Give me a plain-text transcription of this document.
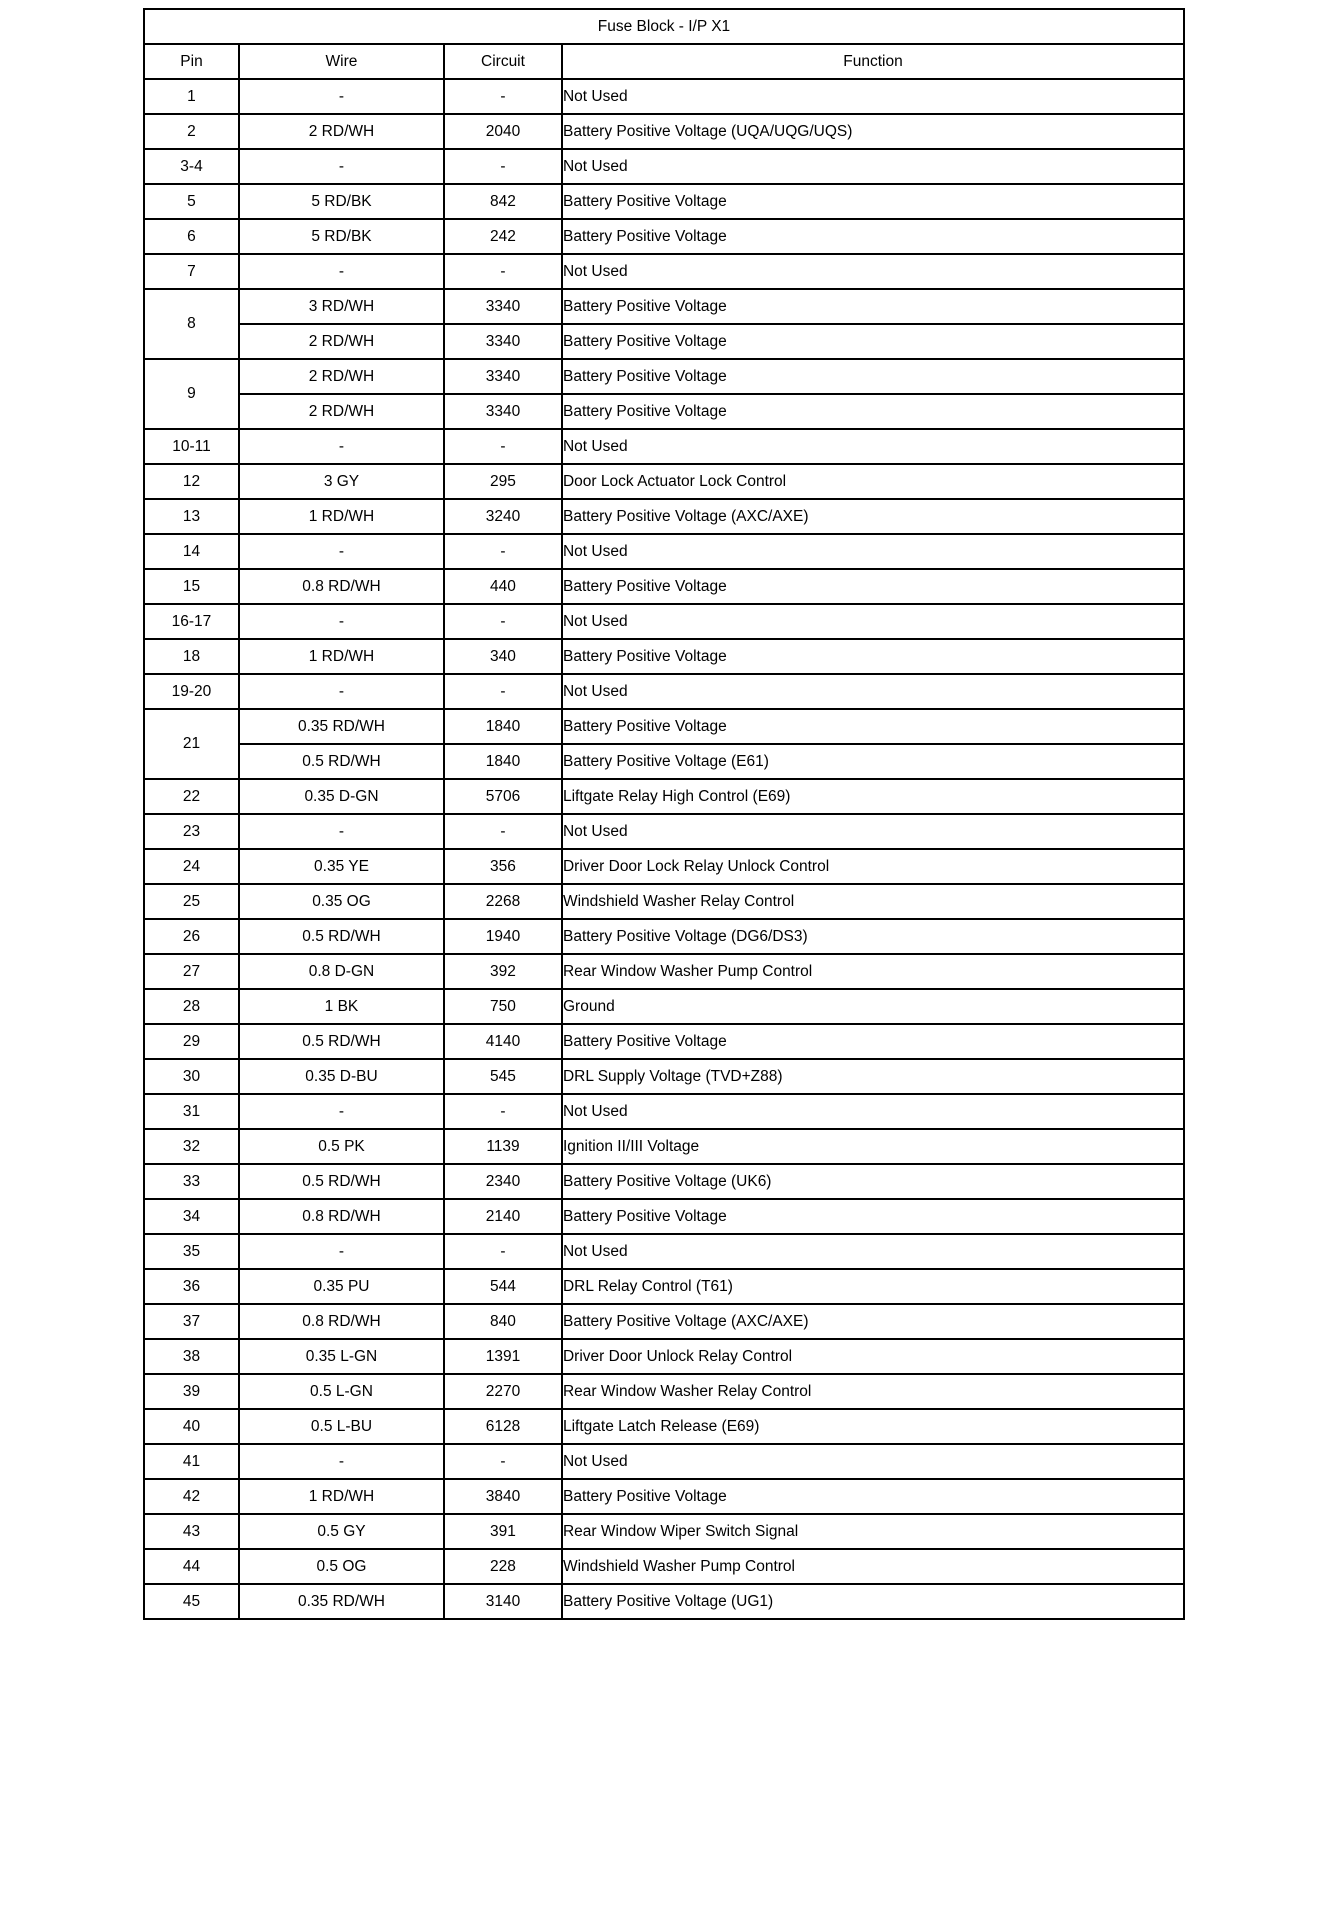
Fuse Block - I/P X1			
Pin	Wire	Circuit	Function
1	-	-	Not Used
2	2 RD/WH	2040	Battery Positive Voltage (UQA/UQG/UQS)
3-4	-	-	Not Used
5	5 RD/BK	842	Battery Positive Voltage
6	5 RD/BK	242	Battery Positive Voltage
7	-	-	Not Used
8	3 RD/WH	3340	Battery Positive Voltage
	2 RD/WH	3340	Battery Positive Voltage
9	2 RD/WH	3340	Battery Positive Voltage
	2 RD/WH	3340	Battery Positive Voltage
10-11	-	-	Not Used
12	3 GY	295	Door Lock Actuator Lock Control
13	1 RD/WH	3240	Battery Positive Voltage (AXC/AXE)
14	-	-	Not Used
15	0.8 RD/WH	440	Battery Positive Voltage
16-17	-	-	Not Used
18	1 RD/WH	340	Battery Positive Voltage
19-20	-	-	Not Used
21	0.35 RD/WH	1840	Battery Positive Voltage
	0.5 RD/WH	1840	Battery Positive Voltage (E61)
22	0.35 D-GN	5706	Liftgate Relay High Control (E69)
23	-	-	Not Used
24	0.35 YE	356	Driver Door Lock Relay Unlock Control
25	0.35 OG	2268	Windshield Washer Relay Control
26	0.5 RD/WH	1940	Battery Positive Voltage (DG6/DS3)
27	0.8 D-GN	392	Rear Window Washer Pump Control
28	1 BK	750	Ground
29	0.5 RD/WH	4140	Battery Positive Voltage
30	0.35 D-BU	545	DRL Supply Voltage (TVD+Z88)
31	-	-	Not Used
32	0.5 PK	1139	Ignition II/III Voltage
33	0.5 RD/WH	2340	Battery Positive Voltage (UK6)
34	0.8 RD/WH	2140	Battery Positive Voltage
35	-	-	Not Used
36	0.35 PU	544	DRL Relay Control (T61)
37	0.8 RD/WH	840	Battery Positive Voltage (AXC/AXE)
38	0.35 L-GN	1391	Driver Door Unlock Relay Control
39	0.5 L-GN	2270	Rear Window Washer Relay Control
40	0.5 L-BU	6128	Liftgate Latch Release (E69)
41	-	-	Not Used
42	1 RD/WH	3840	Battery Positive Voltage
43	0.5 GY	391	Rear Window Wiper Switch Signal
44	0.5 OG	228	Windshield Washer Pump Control
45	0.35 RD/WH	3140	Battery Positive Voltage (UG1)
